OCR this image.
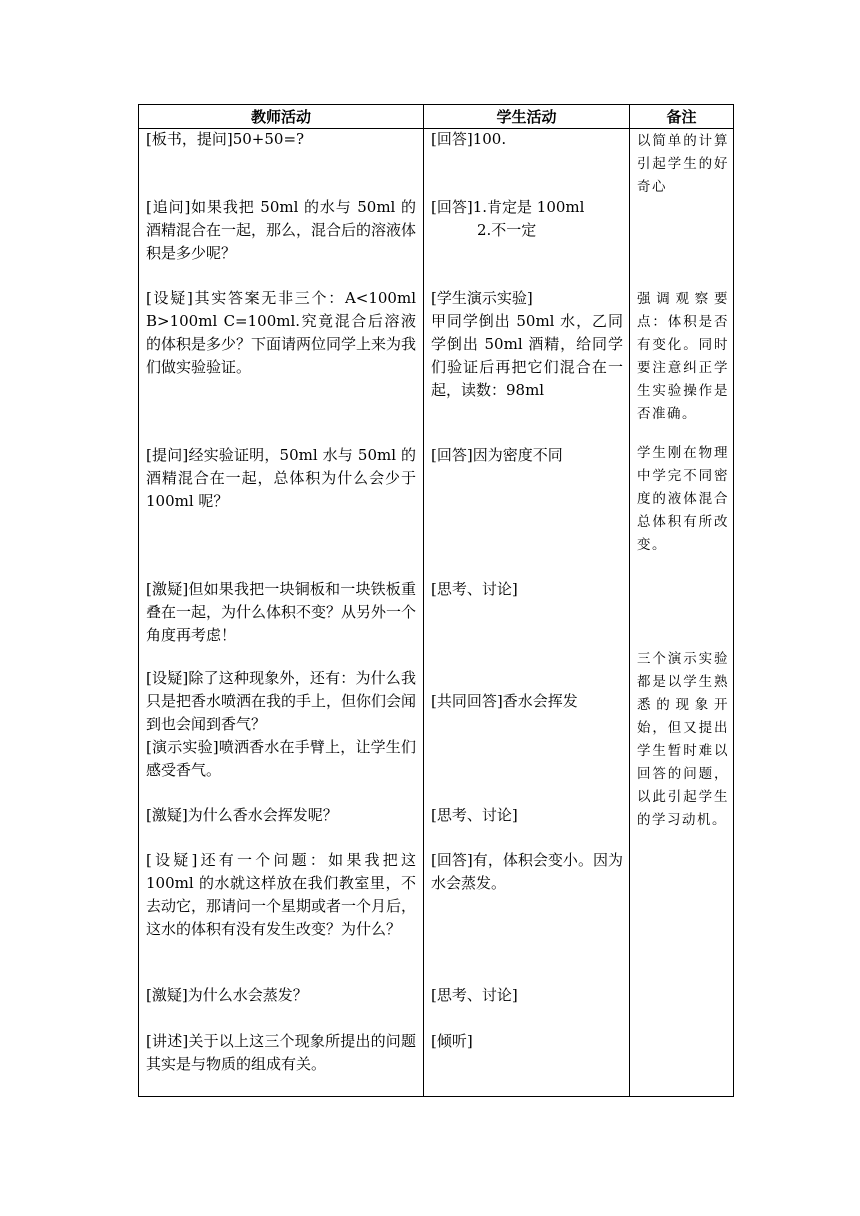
教师活动	学生活动	备注
[板书，提问]50+50=?
[追问]如果我把 50ml 的水与 50ml 的酒精混合在一起，那么，混合后的溶液体积是多少呢？
[设疑]其实答案无非三个：A<100ml B>100ml C=100ml.究竟混合后溶液的体积是多少？下面请两位同学上来为我们做实验验证。
[提问]经实验证明，50ml 水与 50ml 的酒精混合在一起，总体积为什么会少于 100ml 呢？
[激疑]但如果我把一块铜板和一块铁板重叠在一起，为什么体积不变？从另外一个角度再考虑！
[设疑]除了这种现象外，还有：为什么我只是把香水喷洒在我的手上，但你们会闻到也会闻到香气？
[演示实验]喷洒香水在手臂上，让学生们感受香气。
[激疑]为什么香水会挥发呢？
[设疑]还有一个问题：如果我把这 100ml 的水就这样放在我们教室里，不去动它，那请问一个星期或者一个月后，这水的体积有没有发生改变？为什么？
[激疑]为什么水会蒸发？
[讲述]关于以上这三个现象所提出的问题其实是与物质的组成有关。
[回答]100.
[回答]1.肯定是 100ml
2.不一定
[学生演示实验]
甲同学倒出 50ml 水，乙同学倒出 50ml 酒精，给同学们验证后再把它们混合在一起，读数：98ml
[回答]因为密度不同
[思考、讨论]
[共同回答]香水会挥发
[思考、讨论]
[回答]有，体积会变小。因为水会蒸发。
[思考、讨论]
[倾听]
以简单的计算引起学生的好奇心
强调观察要点：体积是否有变化。同时要注意纠正学生实验操作是否准确。
学生刚在物理中学完不同密度的液体混合总体积有所改变。
三个演示实验都是以学生熟悉的现象开始，但又提出学生暂时难以回答的问题，以此引起学生的学习动机。
